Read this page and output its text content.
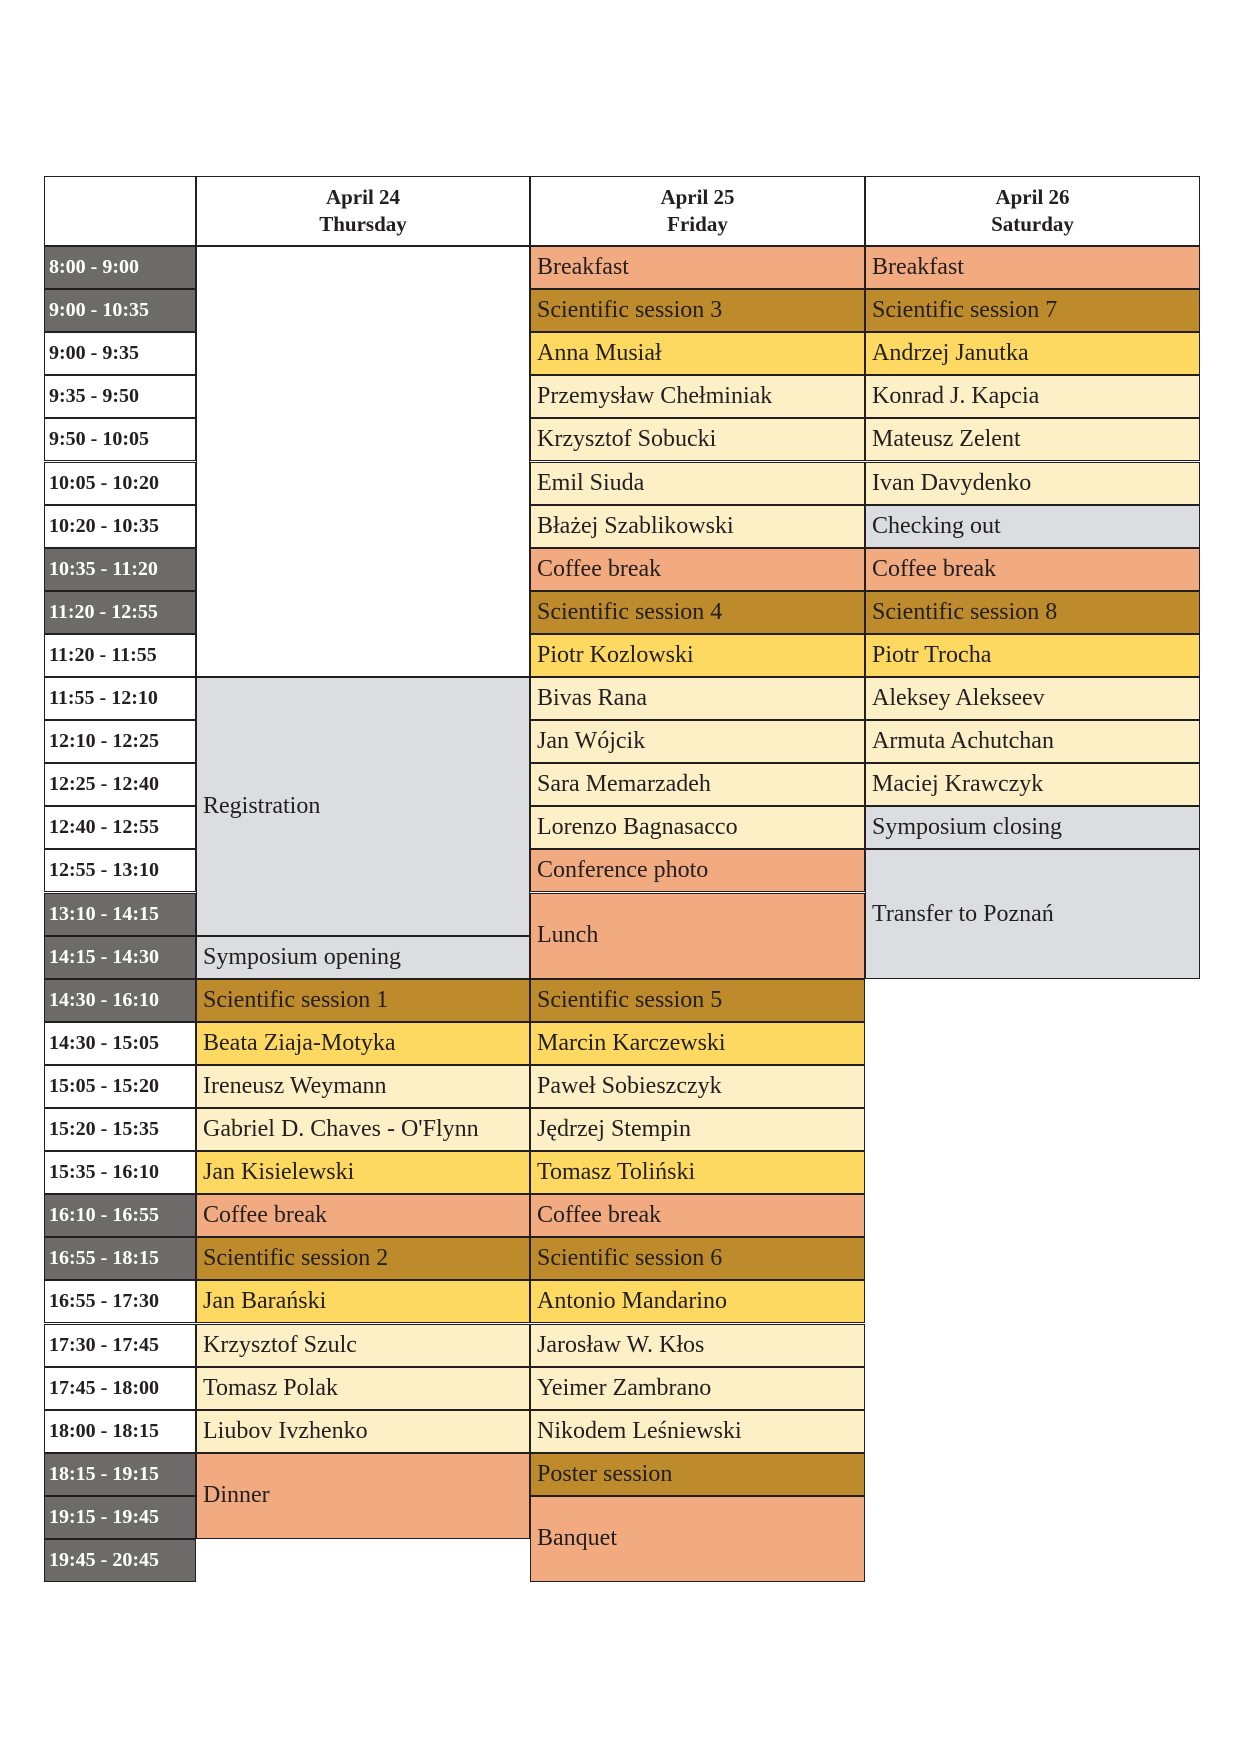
April 24
Thursday
April 25
Friday
April 26
Saturday
8:00 - 9:00
9:00 - 10:35
9:00 - 9:35
9:35 - 9:50
9:50 - 10:05
10:05 - 10:20
10:20 - 10:35
10:35 - 11:20
11:20 - 12:55
11:20 - 11:55
11:55 - 12:10
12:10 - 12:25
12:25 - 12:40
12:40 - 12:55
12:55 - 13:10
13:10 - 14:15
14:15 - 14:30
14:30 - 16:10
14:30 - 15:05
15:05 - 15:20
15:20 - 15:35
15:35 - 16:10
16:10 - 16:55
16:55 - 18:15
16:55 - 17:30
17:30 - 17:45
17:45 - 18:00
18:00 - 18:15
18:15 - 19:15
19:15 - 19:45
19:45 - 20:45
Registration
Symposium opening
Scientific session 1
Beata Ziaja-Motyka
Ireneusz Weymann
Gabriel D. Chaves - O'Flynn
Jan Kisielewski
Coffee break
Scientific session 2
Jan Barański
Krzysztof Szulc
Tomasz Polak
Liubov Ivzhenko
Dinner
Breakfast
Scientific session 3
Anna Musiał
Przemysław Chełminiak
Krzysztof Sobucki
Emil Siuda
Błażej Szablikowski
Coffee break
Scientific session 4
Piotr Kozlowski
Bivas Rana
Jan Wójcik
Sara Memarzadeh
Lorenzo Bagnasacco
Conference photo
Lunch
Scientific session 5
Marcin Karczewski
Paweł Sobieszczyk
Jędrzej Stempin
Tomasz Toliński
Coffee break
Scientific session 6
Antonio Mandarino
Jarosław W. Kłos
Yeimer Zambrano
Nikodem Leśniewski
Poster session
Banquet
Breakfast
Scientific session 7
Andrzej Janutka
Konrad J. Kapcia
Mateusz Zelent
Ivan Davydenko
Checking out
Coffee break
Scientific session 8
Piotr Trocha
Aleksey Alekseev
Armuta Achutchan
Maciej Krawczyk
Symposium closing
Transfer to Poznań
